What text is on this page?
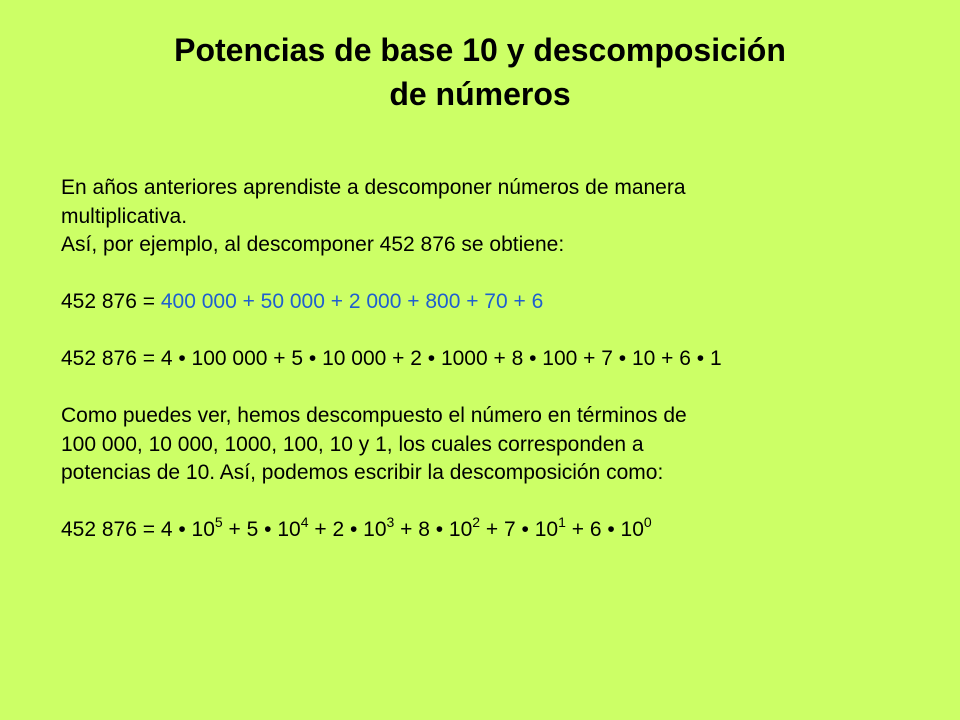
Potencias de base 10 y descomposición
de números
En años anteriores aprendiste a descomponer números de manera
multiplicativa.
Así, por ejemplo, al descomponer 452 876 se obtiene:
452 876 = 400 000 + 50 000 + 2 000 + 800 + 70 + 6
452 876 = 4 • 100 000 + 5 • 10 000 + 2 • 1000 + 8 • 100 + 7 • 10 + 6 • 1
Como puedes ver, hemos descompuesto el número en términos de
100 000, 10 000, 1000, 100, 10 y 1, los cuales corresponden a
potencias de 10. Así, podemos escribir la descomposición como:
452 876 = 4 • $10^5 + 5$ • $10^4 + 2$ • $10^3 + 8$ • $10^2 + 7$ • $10^1 + 6$ • $10^0$
